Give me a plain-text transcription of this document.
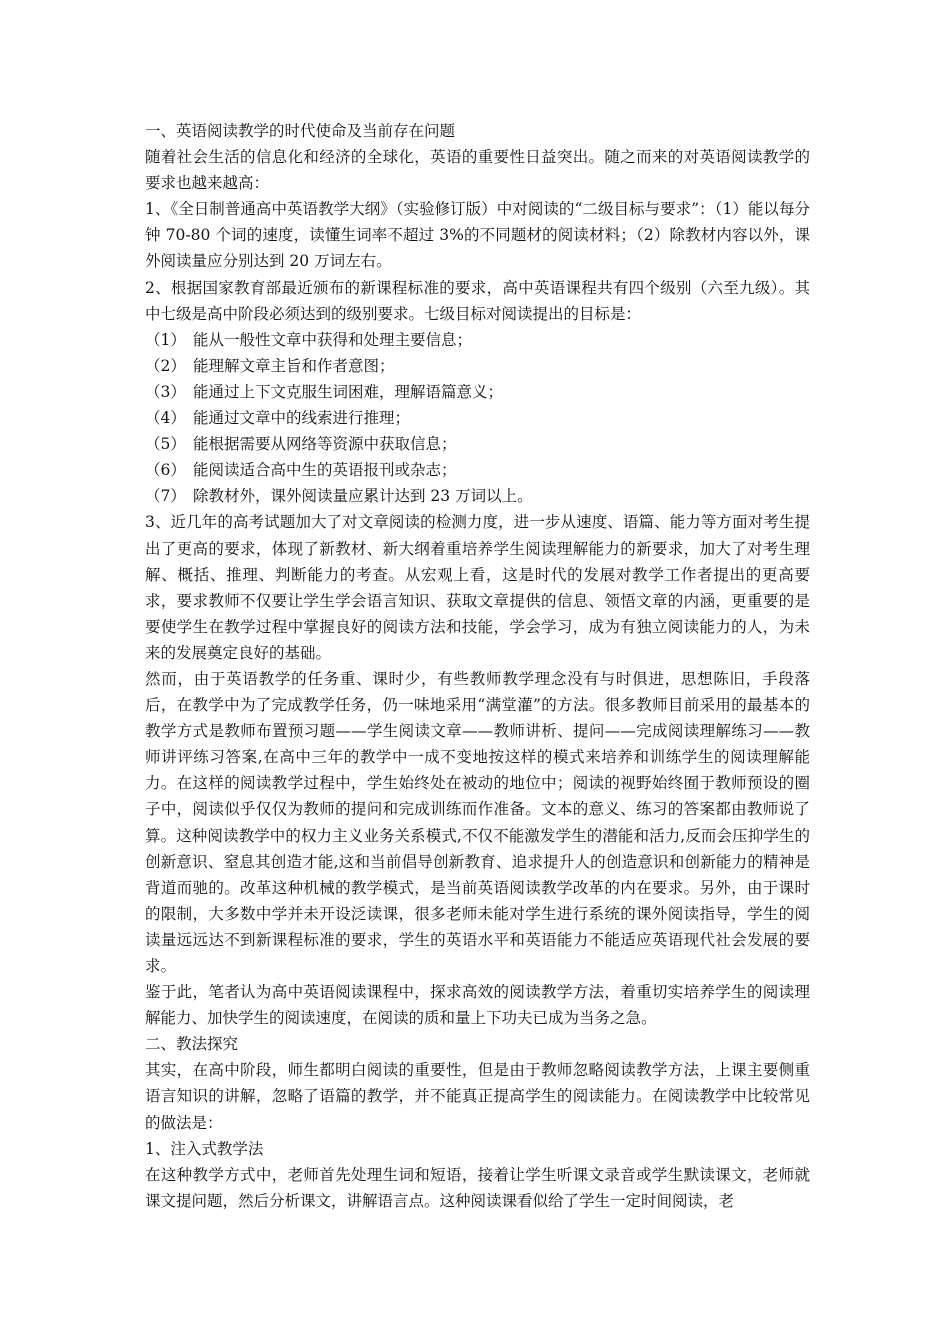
一、英语阅读教学的时代使命及当前存在问题

随着社会生活的信息化和经济的全球化，英语的重要性日益突出。随之而来的对英语阅读教学的要求也越来越高：

1、《全日制普通高中英语教学大纲》（实验修订版）中对阅读的“二级目标与要求”：（1）能以每分钟 70-80 个词的速度，读懂生词率不超过 3%的不同题材的阅读材料；（2）除教材内容以外，课外阅读量应分别达到 20 万词左右。

2、根据国家教育部最近颁布的新课程标准的要求，高中英语课程共有四个级别（六至九级）。其中七级是高中阶段必须达到的级别要求。七级目标对阅读提出的目标是：

（1） 能从一般性文章中获得和处理主要信息；
（2） 能理解文章主旨和作者意图；
（3） 能通过上下文克服生词困难，理解语篇意义；
（4） 能通过文章中的线索进行推理；
（5） 能根据需要从网络等资源中获取信息；
（6） 能阅读适合高中生的英语报刊或杂志；
（7） 除教材外，课外阅读量应累计达到 23 万词以上。

3、近几年的高考试题加大了对文章阅读的检测力度，进一步从速度、语篇、能力等方面对考生提出了更高的要求，体现了新教材、新大纲着重培养学生阅读理解能力的新要求，加大了对考生理解、概括、推理、判断能力的考查。从宏观上看，这是时代的发展对教学工作者提出的更高要求，要求教师不仅要让学生学会语言知识、获取文章提供的信息、领悟文章的内涵，更重要的是要使学生在教学过程中掌握良好的阅读方法和技能，学会学习，成为有独立阅读能力的人，为未来的发展奠定良好的基础。

然而，由于英语教学的任务重、课时少，有些教师教学理念没有与时俱进，思想陈旧，手段落后，在教学中为了完成教学任务，仍一味地采用“满堂灌”的方法。很多教师目前采用的最基本的教学方式是教师布置预习题——学生阅读文章——教师讲析、提问——完成阅读理解练习——教师讲评练习答案,在高中三年的教学中一成不变地按这样的模式来培养和训练学生的阅读理解能力。在这样的阅读教学过程中，学生始终处在被动的地位中；阅读的视野始终囿于教师预设的圈子中，阅读似乎仅仅为教师的提问和完成训练而作准备。文本的意义、练习的答案都由教师说了算。这种阅读教学中的权力主义业务关系模式,不仅不能激发学生的潜能和活力,反而会压抑学生的创新意识、窒息其创造才能,这和当前倡导创新教育、追求提升人的创造意识和创新能力的精神是背道而驰的。改革这种机械的教学模式，是当前英语阅读教学改革的内在要求。另外，由于课时的限制，大多数中学并未开设泛读课，很多老师未能对学生进行系统的课外阅读指导，学生的阅读量远远达不到新课程标准的要求，学生的英语水平和英语能力不能适应英语现代社会发展的要求。

鉴于此，笔者认为高中英语阅读课程中，探求高效的阅读教学方法，着重切实培养学生的阅读理解能力、加快学生的阅读速度，在阅读的质和量上下功夫已成为当务之急。

二、教法探究

其实，在高中阶段，师生都明白阅读的重要性，但是由于教师忽略阅读教学方法，上课主要侧重语言知识的讲解，忽略了语篇的教学，并不能真正提高学生的阅读能力。在阅读教学中比较常见的做法是：

1、注入式教学法

在这种教学方式中，老师首先处理生词和短语，接着让学生听课文录音或学生默读课文，老师就课文提问题，然后分析课文，讲解语言点。这种阅读课看似给了学生一定时间阅读，老
